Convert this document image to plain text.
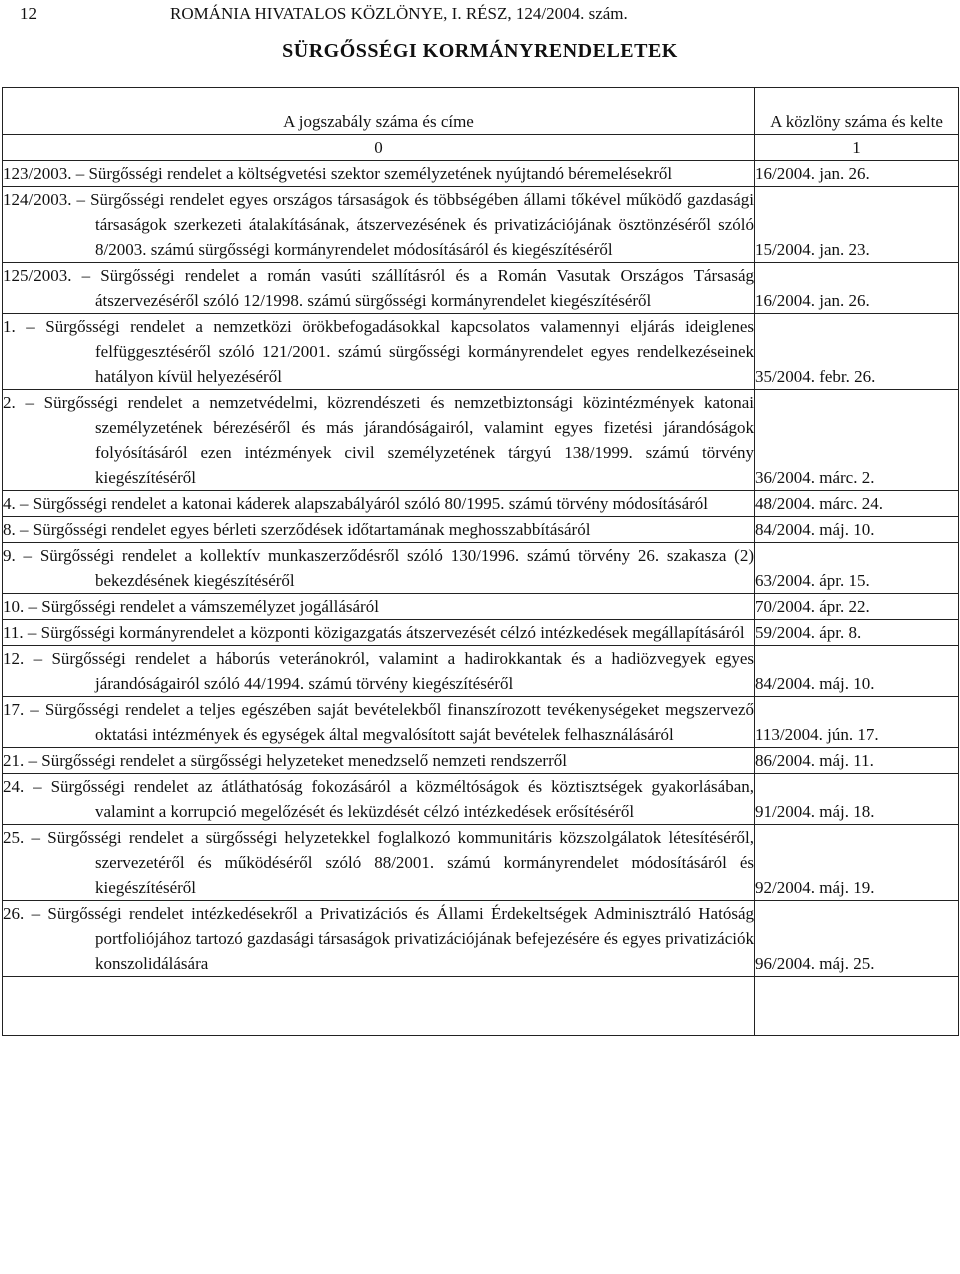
12	ROMÁNIA HIVATALOS KÖZLÖNYE, I. RÉSZ, 124/2004. szám.
SÜRGŐSSÉGI KORMÁNYRENDELETEK
A jogszabály száma és címe	A közlöny száma és kelte
0	1

123/2003. – Sürgősségi rendelet a költségvetési szektor személyzetének nyújtandó béremelésekről	16/2004. jan. 26.

124/2003. – Sürgősségi rendelet egyes országos társaságok és többségében állami tőkével működő gazdasági társaságok szerkezeti átalakításának, átszervezésének és privatizációjának ösztönzéséről szóló 8/2003. számú sürgősségi kormányrendelet módosításáról és kiegészítéséről	15/2004. jan. 23.

125/2003. – Sürgősségi rendelet a román vasúti szállításról és a Román Vasutak Országos Társaság átszervezéséről szóló 12/1998. számú sürgősségi kormányrendelet kiegészítéséről	16/2004. jan. 26.

1. – Sürgősségi rendelet a nemzetközi örökbefogadásokkal kapcsolatos valamennyi eljárás ideiglenes felfüggesztéséről szóló 121/2001. számú sürgősségi kormányrendelet egyes rendelkezéseinek hatályon kívül helyezéséről	35/2004. febr. 26.

2. – Sürgősségi rendelet a nemzetvédelmi, közrendészeti és nemzetbiztonsági közintézmények katonai személyzetének bérezéséről és más járandóságairól, valamint egyes fizetési járandóságok folyósításáról ezen intézmények civil személyzetének tárgyú 138/1999. számú törvény kiegészítéséről	36/2004. márc. 2.

4. – Sürgősségi rendelet a katonai káderek alapszabályáról szóló 80/1995. számú törvény módosításáról	48/2004. márc. 24.

8. – Sürgősségi rendelet egyes bérleti szerződések időtartamának meghosszabbításáról	84/2004. máj. 10.

9. – Sürgősségi rendelet a kollektív munkaszerződésről szóló 130/1996. számú törvény 26. szakasza (2) bekezdésének kiegészítéséről	63/2004. ápr. 15.

10. – Sürgősségi rendelet a vámszemélyzet jogállásáról	70/2004. ápr. 22.

11. – Sürgősségi kormányrendelet a központi közigazgatás átszervezését célzó intézkedések megállapításáról	59/2004. ápr. 8.

12. – Sürgősségi rendelet a háborús veteránokról, valamint a hadirokkantak és a hadiözvegyek egyes járandóságairól szóló 44/1994. számú törvény kiegészítéséről	84/2004. máj. 10.

17. – Sürgősségi rendelet a teljes egészében saját bevételekből finanszírozott tevékenységeket megszervező oktatási intézmények és egységek által megvalósított saját bevételek felhasználásáról	113/2004. jún. 17.

21. – Sürgősségi rendelet a sürgősségi helyzeteket menedzselő nemzeti rendszerről	86/2004. máj. 11.

24. – Sürgősségi rendelet az átláthatóság fokozásáról a közméltóságok és köztisztségek gyakorlásában, valamint a korrupció megelőzését és leküzdését célzó intézkedések erősítéséről	91/2004. máj. 18.

25. – Sürgősségi rendelet a sürgősségi helyzetekkel foglalkozó kommunitáris közszolgálatok létesítéséről, szervezetéről és működéséről szóló 88/2001. számú kormányrendelet módosításáról és kiegészítéséről	92/2004. máj. 19.

26. – Sürgősségi rendelet intézkedésekről a Privatizációs és Állami Érdekeltségek Adminisztráló Hatóság portfoliójához tartozó gazdasági társaságok privatizációjának befejezésére és egyes privatizációk konszolidálására	96/2004. máj. 25.
